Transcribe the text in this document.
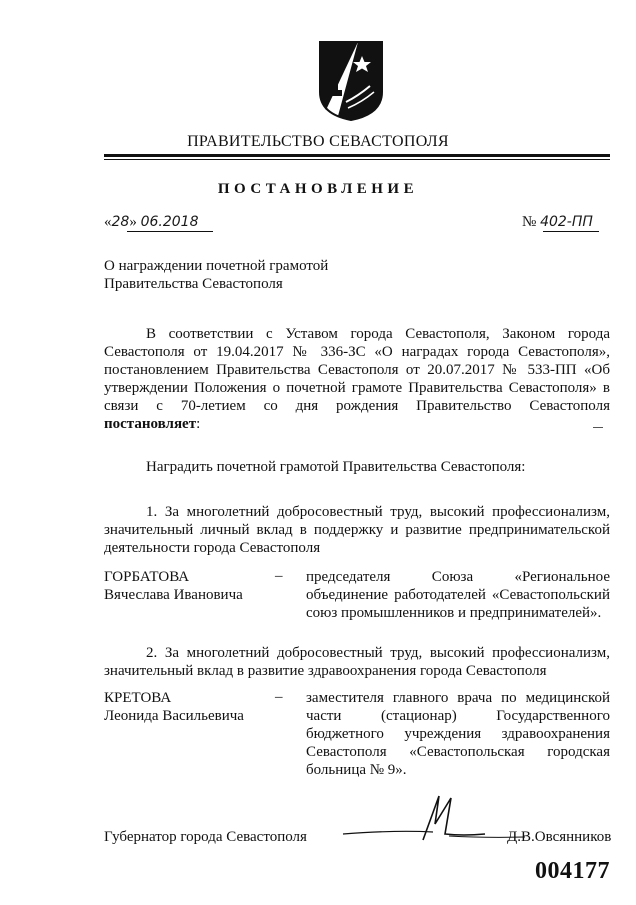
ПРАВИТЕЛЬСТВО СЕВАСТОПОЛЯ
ПОСТАНОВЛЕНИЕ
«28» 06.2018	№ 402-ПП
О награждении почетной грамотой
Правительства Севастополя
В соответствии с Уставом города Севастополя, Законом города Севастополя от 19.04.2017 № 336-ЗС «О наградах города Севастополя», постановлением Правительства Севастополя от 20.07.2017 № 533-ПП «Об утверждении Положения о почетной грамоте Правительства Севастополя» в связи с 70-летием со дня рождения Правительство Севастополя постановляет:
Наградить почетной грамотой Правительства Севастополя:
1. За многолетний добросовестный труд, высокий профессионализм, значительный личный вклад в поддержку и развитие предпринимательской деятельности города Севастополя
ГОРБАТОВА
Вячеслава Ивановича
– председателя Союза «Региональное объединение работодателей «Севастопольский союз промышленников и предпринимателей».
2. За многолетний добросовестный труд, высокий профессионализм, значительный вклад в развитие здравоохранения города Севастополя
КРЕТОВА
Леонида Васильевича
– заместителя главного врача по медицинской части (стационар) Государственного бюджетного учреждения здравоохранения Севастополя «Севастопольская городская больница № 9».
Губернатор города Севастополя	Д.В.Овсянников
004177
